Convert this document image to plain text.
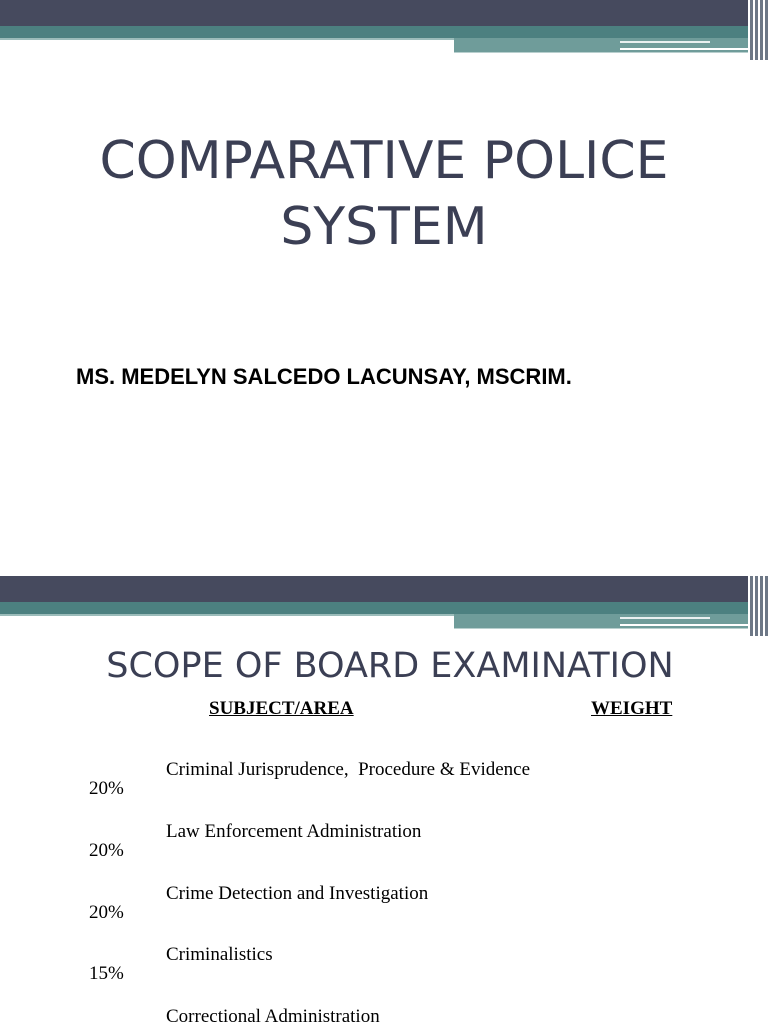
COMPARATIVE POLICE
SYSTEM

MS. MEDELYN SALCEDO LACUNSAY, MSCRIM.

SCOPE OF BOARD EXAMINATION

SUBJECT/AREA	WEIGHT

Criminal Jurisprudence,  Procedure & Evidence

20%

Law Enforcement Administration

20%

Crime Detection and Investigation

20%

Criminalistics

15%

Correctional Administration
